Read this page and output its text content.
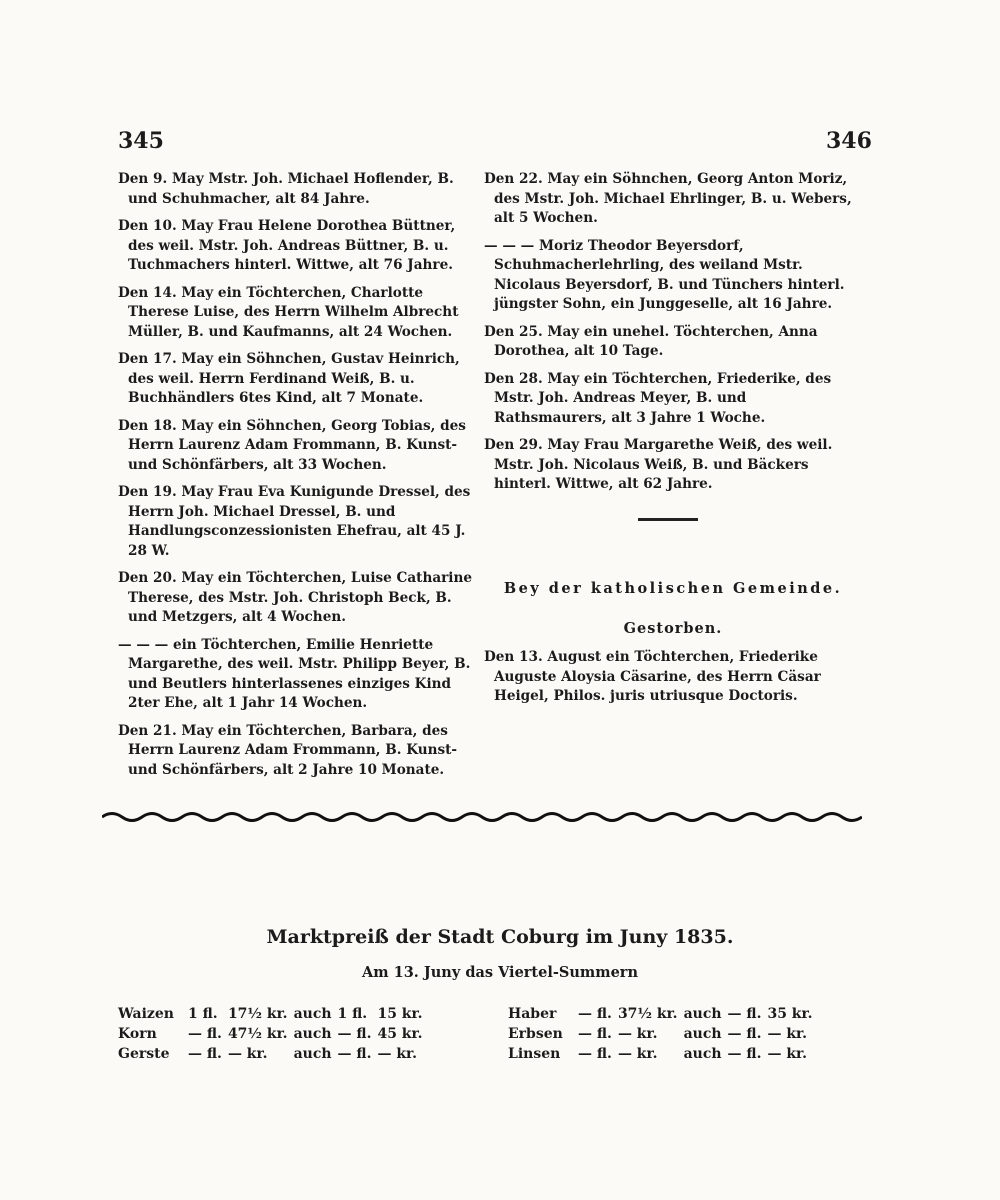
345	346
Den 9. May Mstr. Joh. Michael Hoflender, B. und Schuhmacher, alt 84 Jahre.
Den 10. May Frau Helene Dorothea Büttner, des weil. Mstr. Joh. Andreas Büttner, B. u. Tuchmachers hinterl. Wittwe, alt 76 Jahre.
Den 14. May ein Töchterchen, Charlotte Therese Luise, des Herrn Wilhelm Albrecht Müller, B. und Kaufmanns, alt 24 Wochen.
Den 17. May ein Söhnchen, Gustav Heinrich, des weil. Herrn Ferdinand Weiß, B. u. Buchhändlers 6tes Kind, alt 7 Monate.
Den 18. May ein Söhnchen, Georg Tobias, des Herrn Laurenz Adam Frommann, B. Kunst- und Schönfärbers, alt 33 Wochen.
Den 19. May Frau Eva Kunigunde Dressel, des Herrn Joh. Michael Dressel, B. und Handlungsconzessionisten Ehefrau, alt 45 J. 28 W.
Den 20. May ein Töchterchen, Luise Catharine Therese, des Mstr. Joh. Christoph Beck, B. und Metzgers, alt 4 Wochen.
— — — ein Töchterchen, Emilie Henriette Margarethe, des weil. Mstr. Philipp Beyer, B. und Beutlers hinterlassenes einziges Kind 2ter Ehe, alt 1 Jahr 14 Wochen.
Den 21. May ein Töchterchen, Barbara, des Herrn Laurenz Adam Frommann, B. Kunst- und Schönfärbers, alt 2 Jahre 10 Monate.
Den 22. May ein Söhnchen, Georg Anton Moriz, des Mstr. Joh. Michael Ehrlinger, B. u. Webers, alt 5 Wochen.
— — — Moriz Theodor Beyersdorf, Schuhmacherlehrling, des weiland Mstr. Nicolaus Beyersdorf, B. und Tünchers hinterl. jüngster Sohn, ein Junggeselle, alt 16 Jahre.
Den 25. May ein unehel. Töchterchen, Anna Dorothea, alt 10 Tage.
Den 28. May ein Töchterchen, Friederike, des Mstr. Joh. Andreas Meyer, B. und Rathsmaurers, alt 3 Jahre 1 Woche.
Den 29. May Frau Margarethe Weiß, des weil. Mstr. Joh. Nicolaus Weiß, B. und Bäckers hinterl. Wittwe, alt 62 Jahre.
Bey der katholischen Gemeinde.
Gestorben.
Den 13. August ein Töchterchen, Friederike Auguste Aloysia Cäsarine, des Herrn Cäsar Heigel, Philos. juris utriusque Doctoris.
Marktpreiß der Stadt Coburg im Juny 1835.
Am 13. Juny das Viertel-Summern
Waizen	1 fl.	17½ kr.	auch	1 fl.	15 kr.
Korn	— fl.	47½ kr.	auch	— fl.	45 kr.
Gerste	— fl.	— kr.	auch	— fl.	— kr.
Haber	— fl.	37½ kr.	auch	— fl.	35 kr.
Erbsen	— fl.	— kr.	auch	— fl.	— kr.
Linsen	— fl.	— kr.	auch	— fl.	— kr.
